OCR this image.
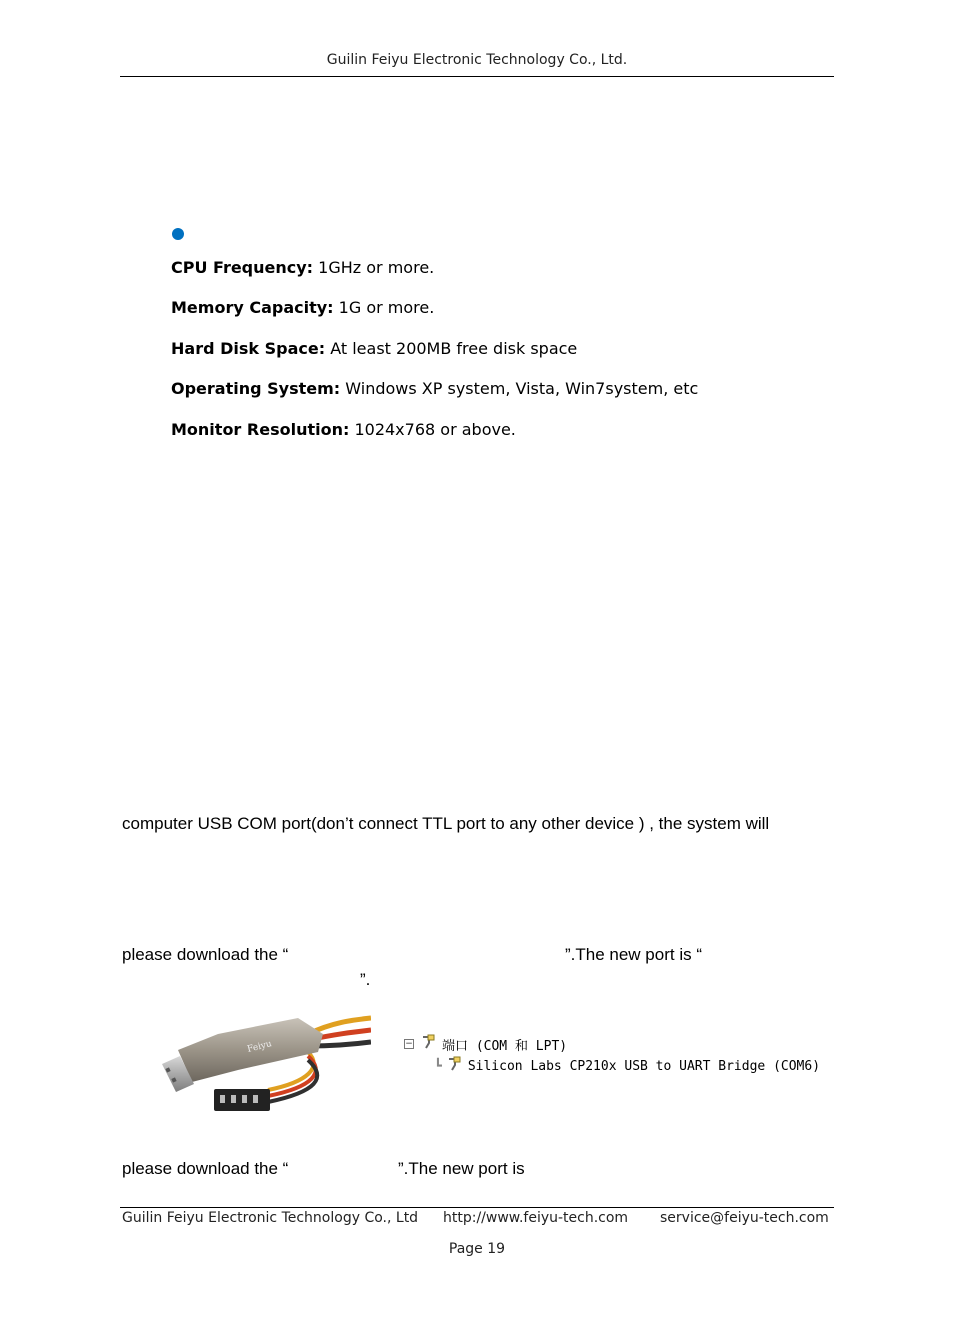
Guilin Feiyu Electronic Technology Co., Ltd.
CPU Frequency: 1GHz or more.
Memory Capacity: 1G or more.
Hard Disk Space: At least 200MB free disk space
Operating System: Windows XP system, Vista, Win7system, etc
Monitor Resolution: 1024x768 or above.
computer USB COM port(don’t connect TTL port to any other device ) , the system will
please download the “	”.The new port is “
”.
Feiyu	− 端口 (COM 和 LPT)
┗ Silicon Labs CP210x USB to UART Bridge (COM6)
please download the “	”.The new port is
Guilin Feiyu Electronic Technology Co., Ltd http://www.feiyu-tech.com service@feiyu-tech.com
Page 19
